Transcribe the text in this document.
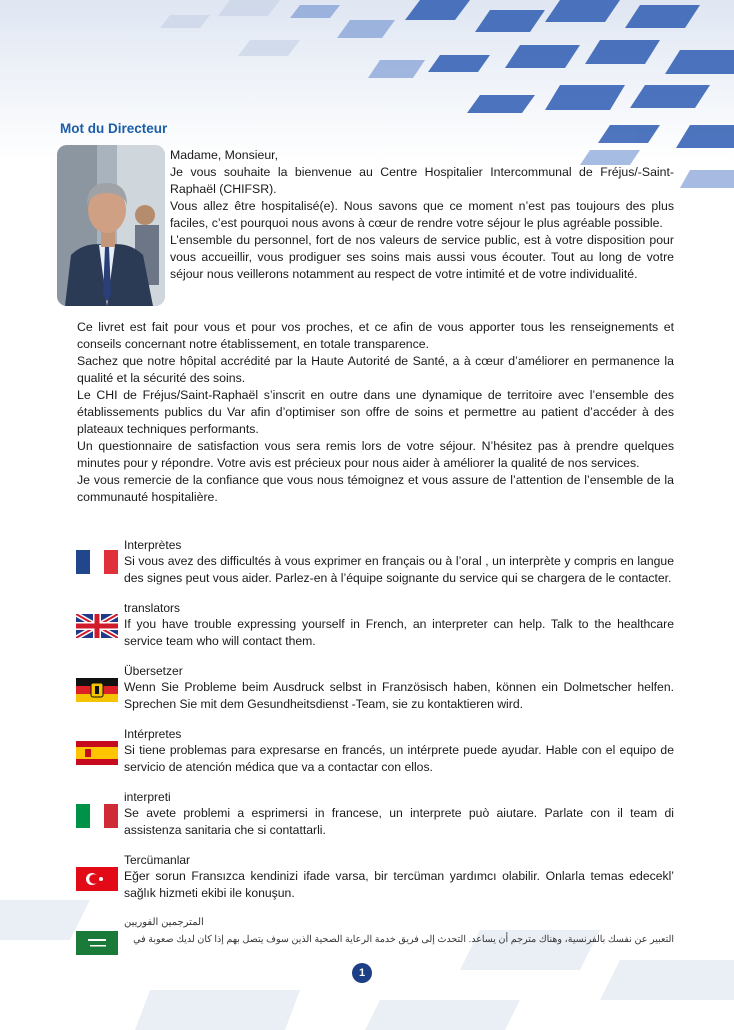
Mot du Directeur
Madame, Monsieur,
Je vous souhaite la bienvenue au Centre Hospitalier Intercommunal de Fréjus/-Saint-Raphaël (CHIFSR).
Vous allez être hospitalisé(e). Nous savons que ce moment n’est pas toujours des plus faciles, c’est pourquoi nous avons à cœur de rendre votre séjour le plus agréable possible.
L’ensemble du personnel, fort de nos valeurs de service public, est à votre disposition pour vous accueillir, vous prodiguer ses soins mais aussi vous écouter. Tout au long de votre séjour nous veillerons notamment au respect de votre intimité et de votre individualité.
Ce livret est fait pour vous et pour vos proches, et ce afin de vous apporter tous les renseignements et conseils concernant notre établissement, en totale transparence.
Sachez que notre hôpital accrédité par la Haute Autorité de Santé, a à cœur d’améliorer en permanence la qualité et la sécurité des soins.
Le CHI de Fréjus/Saint-Raphaël s’inscrit en outre dans une dynamique de territoire avec l’ensemble des établissements publics du Var afin d’optimiser son offre de soins et permettre au patient d’accéder à des plateaux techniques performants.
Un questionnaire de satisfaction vous sera remis lors de votre séjour. N’hésitez pas à prendre quelques minutes pour y répondre. Votre avis est précieux pour nous aider à améliorer la qualité de nos services.
Je vous remercie de la confiance que vous nous témoignez et vous assure de l’attention de l’ensemble de la communauté hospitalière.
Interprètes

Si vous avez des difficultés à vous exprimer en français ou à l’oral , un interprète y compris en langue des signes peut vous aider. Parlez-en à l’équipe soignante du service qui se chargera de le contacter.

translators

If you have trouble expressing yourself in French, an interpreter can help. Talk to the healthcare service team who will contact them.

Übersetzer

Wenn Sie Probleme beim Ausdruck selbst in Französisch haben, können ein Dolmetscher helfen. Sprechen Sie mit dem Gesundheitsdienst -Team, sie zu kontaktieren wird.

Intérpretes

Si tiene problemas para expresarse en francés, un intérprete puede ayudar. Hable con el equipo de servicio de atención médica que va a contactar con ellos.

interpreti

Se avete problemi a esprimersi in francese, un interprete può aiutare. Parlate con il team di assistenza sanitaria che si contattarli.

Tercümanlar

Eğer sorun Fransızca kendinizi ifade varsa, bir tercüman yardımcı olabilir. Onlarla temas edecekl’ sağlık hizmeti ekibi ile konuşun.

المترجمين الفوريين

التعبير عن نفسك بالفرنسية، وهناك مترجم أن يساعد. التحدث إلى فريق خدمة الرعاية الصحية الذين سوف يتصل بهم إذا كان لديك صعوبة في

1
